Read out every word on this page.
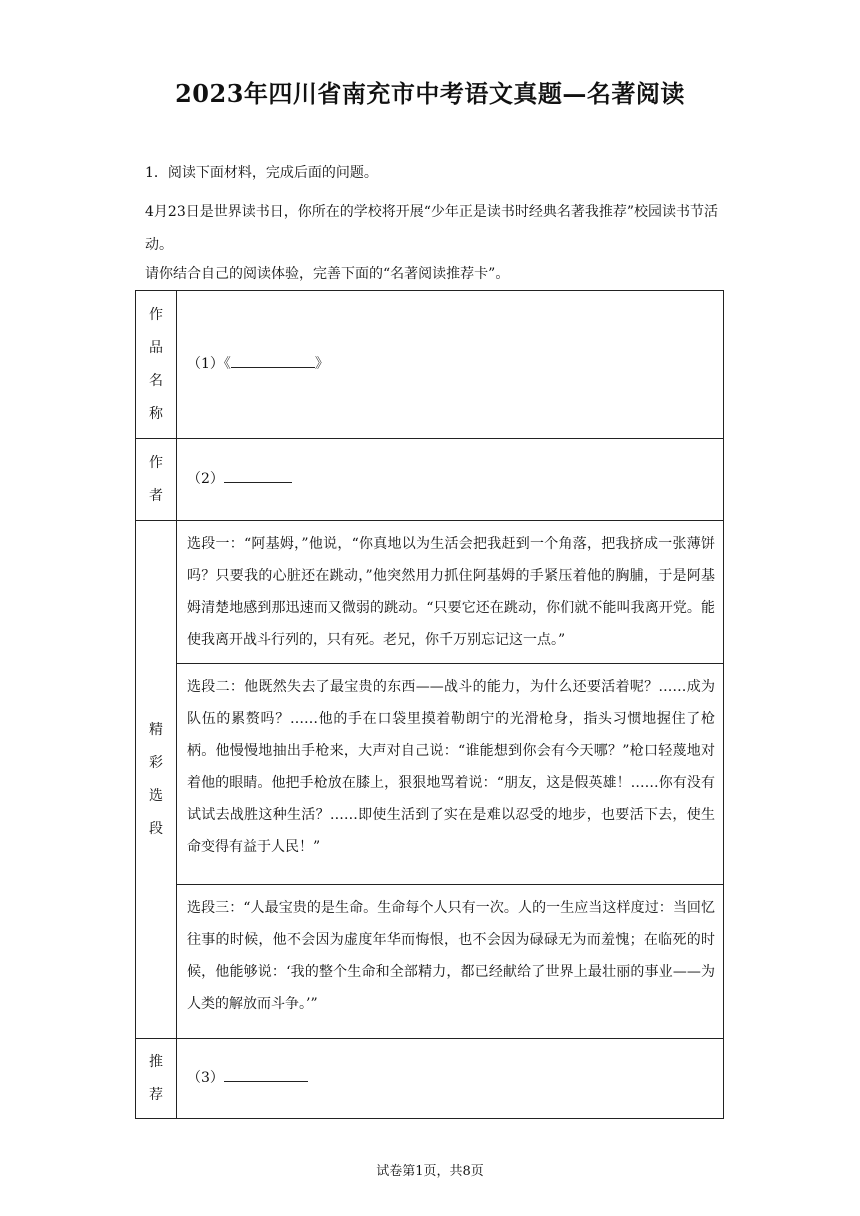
2023年四川省南充市中考语文真题—名著阅读

1．阅读下面材料，完成后面的问题。

4月23日是世界读书日，你所在的学校将开展“少年正是读书时经典名著我推荐”校园读书节活动。

请你结合自己的阅读体验，完善下面的“名著阅读推荐卡”。

作品名称	（1）《 》
作者	（2）
精彩选段	选段一：“阿基姆，”他说，“你真地以为生活会把我赶到一个角落，把我挤成一张薄饼吗？只要我的心脏还在跳动，”他突然用力抓住阿基姆的手紧压着他的胸脯，于是阿基姆清楚地感到那迅速而又微弱的跳动。“只要它还在跳动，你们就不能叫我离开党。能使我离开战斗行列的，只有死。老兄，你千万别忘记这一点。”
	选段二：他既然失去了最宝贵的东西——战斗的能力，为什么还要活着呢？……成为队伍的累赘吗？……他的手在口袋里摸着勒朗宁的光滑枪身，指头习惯地握住了枪柄。他慢慢地抽出手枪来，大声对自己说：“谁能想到你会有今天哪？”枪口轻蔑地对着他的眼睛。他把手枪放在膝上，狠狠地骂着说：“朋友，这是假英雄！……你有没有试试去战胜这种生活？……即使生活到了实在是难以忍受的地步，也要活下去，使生命变得有益于人民！”
	选段三：“人最宝贵的是生命。生命每个人只有一次。人的一生应当这样度过：当回忆往事的时候，他不会因为虚度年华而悔恨，也不会因为碌碌无为而羞愧；在临死的时候，他能够说：‘我的整个生命和全部精力，都已经献给了世界上最壮丽的事业——为人类的解放而斗争。’”
推荐	（3）
试卷第1页，共8页
